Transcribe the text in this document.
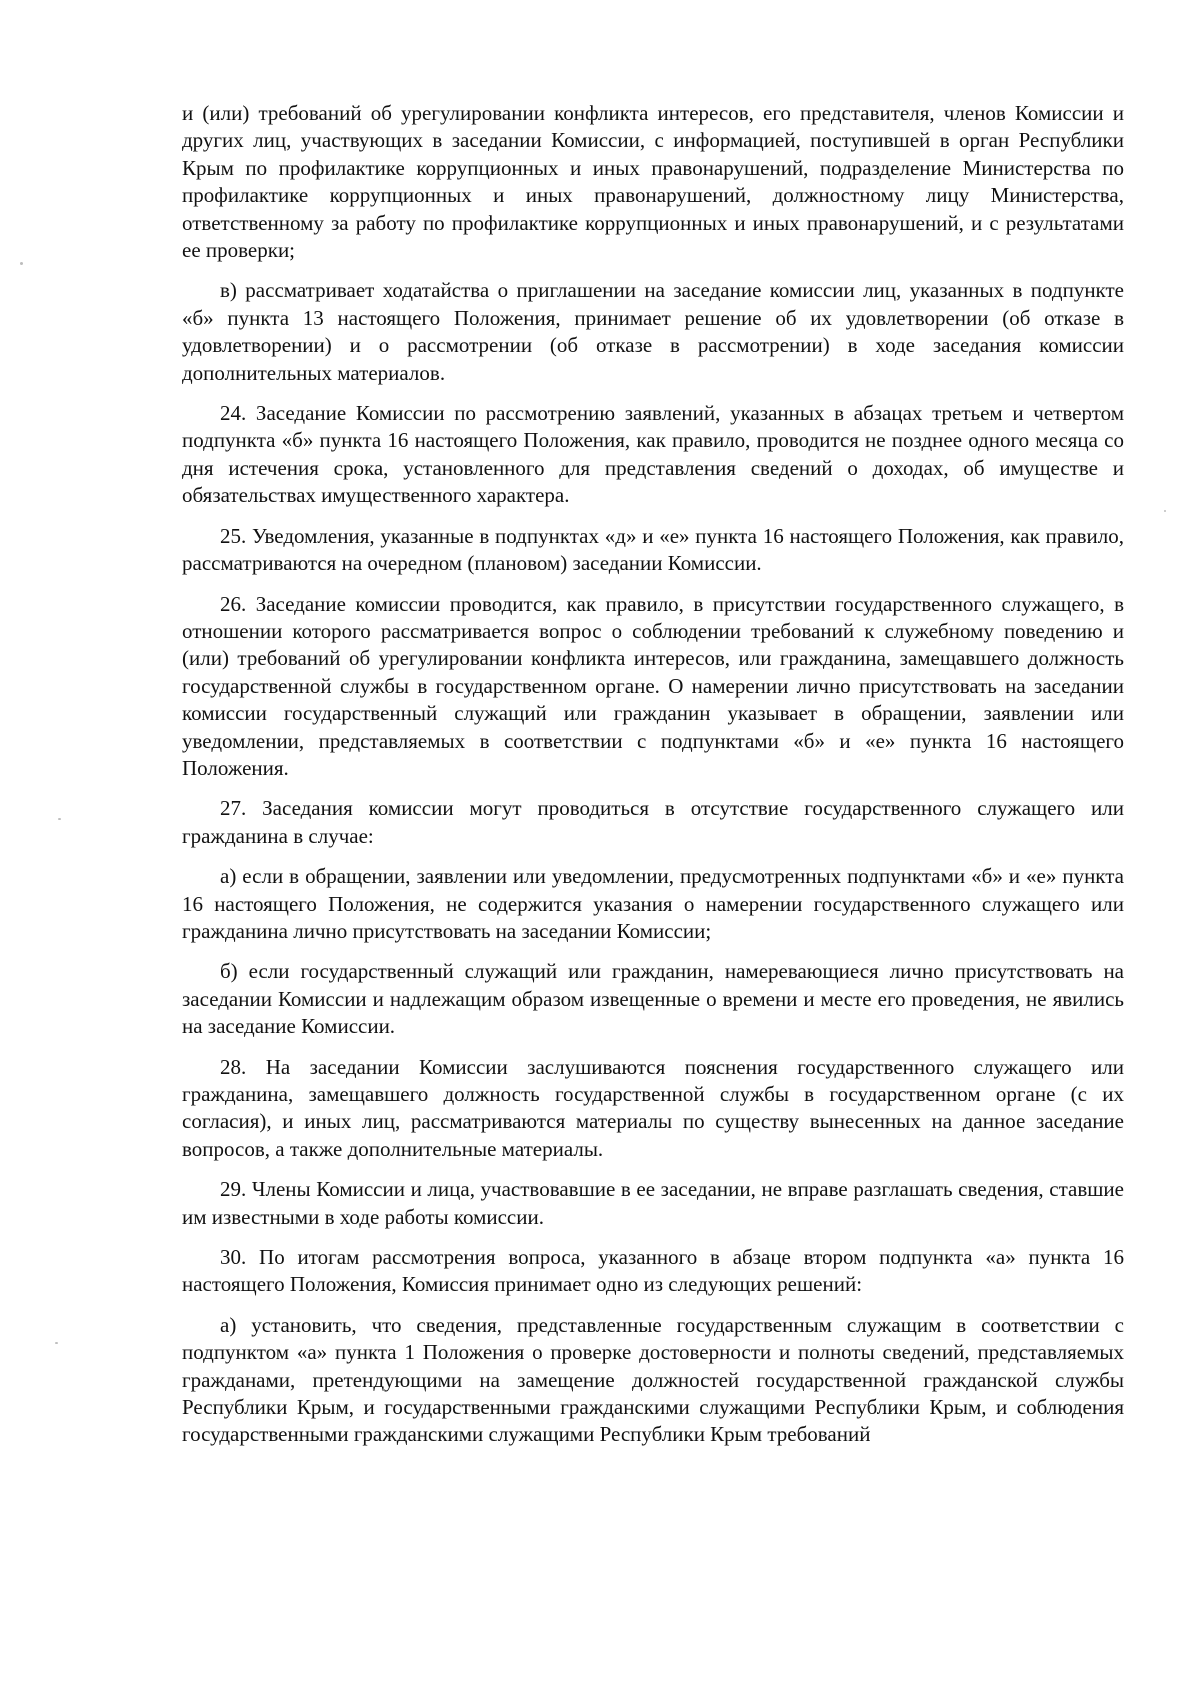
и (или) требований об урегулировании конфликта интересов, его представителя, членов Комиссии и других лиц, участвующих в заседании Комиссии, с информацией, поступившей в орган Республики Крым по профилактике коррупционных и иных правонарушений, подразделение Министерства по профилактике коррупционных и иных правонарушений, должностному лицу Министерства, ответственному за работу по профилактике коррупционных и иных правонарушений, и с результатами ее проверки;

в) рассматривает ходатайства о приглашении на заседание комиссии лиц, указанных в подпункте «б» пункта 13 настоящего Положения, принимает решение об их удовлетворении (об отказе в удовлетворении) и о рассмотрении (об отказе в рассмотрении) в ходе заседания комиссии дополнительных материалов.

24. Заседание Комиссии по рассмотрению заявлений, указанных в абзацах третьем и четвертом подпункта «б» пункта 16 настоящего Положения, как правило, проводится не позднее одного месяца со дня истечения срока, установленного для представления сведений о доходах, об имуществе и обязательствах имущественного характера.

25. Уведомления, указанные в подпунктах «д» и «е» пункта 16 настоящего Положения, как правило, рассматриваются на очередном (плановом) заседании Комиссии.

26. Заседание комиссии проводится, как правило, в присутствии государственного служащего, в отношении которого рассматривается вопрос о соблюдении требований к служебному поведению и (или) требований об урегулировании конфликта интересов, или гражданина, замещавшего должность государственной службы в государственном органе. О намерении лично присутствовать на заседании комиссии государственный служащий или гражданин указывает в обращении, заявлении или уведомлении, представляемых в соответствии с подпунктами «б» и «е» пункта 16 настоящего Положения.

27. Заседания комиссии могут проводиться в отсутствие государственного служащего или гражданина в случае:

а) если в обращении, заявлении или уведомлении, предусмотренных подпунктами «б» и «е» пункта 16 настоящего Положения, не содержится указания о намерении государственного служащего или гражданина лично присутствовать на заседании Комиссии;

б) если государственный служащий или гражданин, намеревающиеся лично присутствовать на заседании Комиссии и надлежащим образом извещенные о времени и месте его проведения, не явились на заседание Комиссии.

28. На заседании Комиссии заслушиваются пояснения государственного служащего или гражданина, замещавшего должность государственной службы в государственном органе (с их согласия), и иных лиц, рассматриваются материалы по существу вынесенных на данное заседание вопросов, а также дополнительные материалы.

29. Члены Комиссии и лица, участвовавшие в ее заседании, не вправе разглашать сведения, ставшие им известными в ходе работы комиссии.

30. По итогам рассмотрения вопроса, указанного в абзаце втором подпункта «а» пункта 16 настоящего Положения, Комиссия принимает одно из следующих решений:

а) установить, что сведения, представленные государственным служащим в соответствии с подпунктом «а» пункта 1 Положения о проверке достоверности и полноты сведений, представляемых гражданами, претендующими на замещение должностей государственной гражданской службы Республики Крым, и государственными гражданскими служащими Республики Крым, и соблюдения государственными гражданскими служащими Республики Крым требований
